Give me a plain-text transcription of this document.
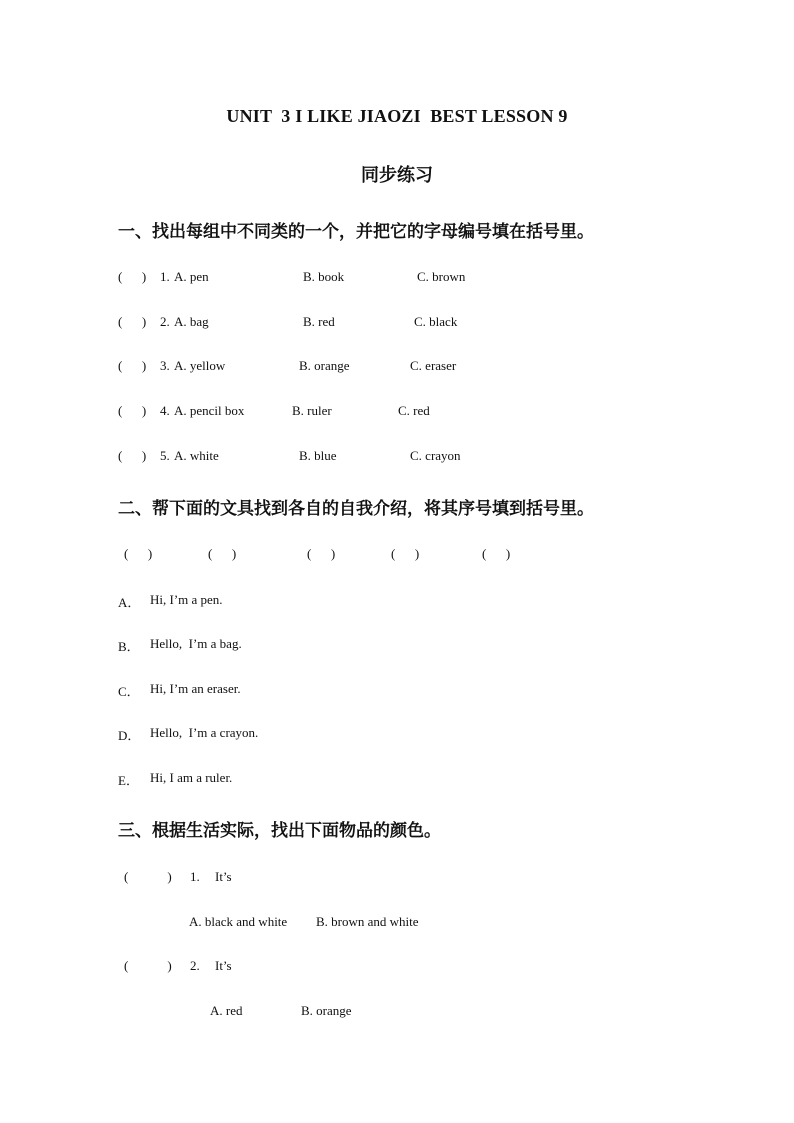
UNIT  3 I LIKE JIAOZI  BEST LESSON 9
同步练习
一、找出每组中不同类的一个，并把它的字母编号填在括号里。
(      ) 1. A. pen	B. book	C. brown
(      ) 2. A. bag	B. red	C. black
(      ) 3. A. yellow	B. orange	C. eraser
(      ) 4. A. pencil box	B. ruler	C. red
(      ) 5. A. white	B. blue	C. crayon
二、帮下面的文具找到各自的自我介绍，将其序号填到括号里。
(      )	(      )	(      )	(      )	(      )
A． Hi, I’m a pen.
B． Hello,  I’m a bag.
C． Hi, I’m an eraser.
D． Hello,  I’m a crayon.
E． Hi, I am a ruler.
三、根据生活实际，找出下面物品的颜色。
(            ) 1. It’s
A. black and white B. brown and white
(            ) 2. It’s
A. red	B. orange
